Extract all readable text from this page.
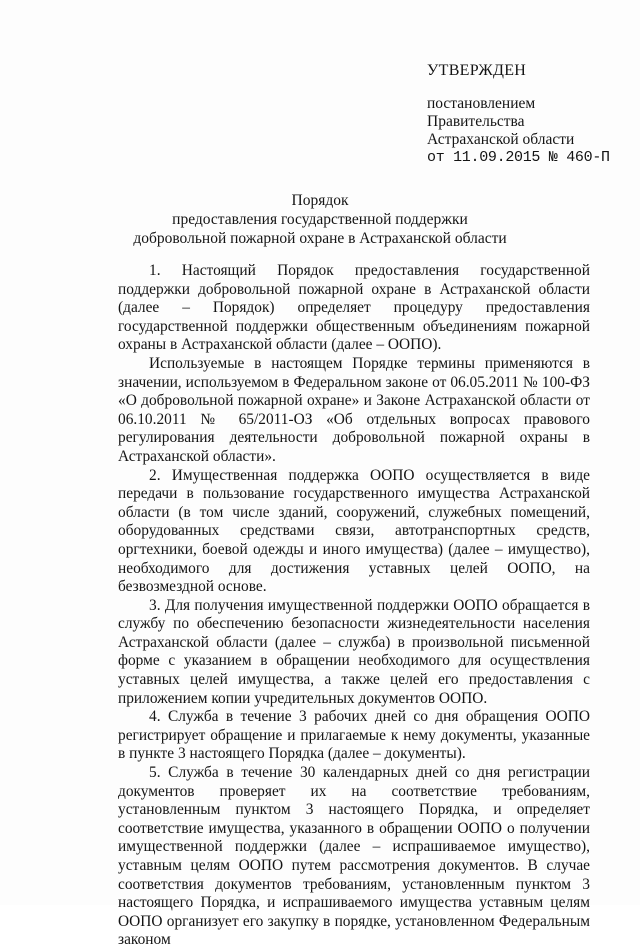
УТВЕРЖДЕН
постановлением
Правительства
Астраханской области
от 11.09.2015 № 460-П
Порядок
предоставления государственной поддержки
добровольной пожарной охране в Астраханской области

1. Настоящий Порядок предоставления государственной поддержки добровольной пожарной охране в Астраханской области (далее – Порядок) определяет процедуру предоставления государственной поддержки общественным объединениям пожарной охраны в Астраханской области (далее – ООПО).

Используемые в настоящем Порядке термины применяются в значении, используемом в Федеральном законе от 06.05.2011 № 100-ФЗ «О добровольной пожарной охране» и Законе Астраханской области от 06.10.2011 № 65/2011-ОЗ «Об отдельных вопросах правового регулирования деятельности добровольной пожарной охраны в Астраханской области».

2. Имущественная поддержка ООПО осуществляется в виде передачи в пользование государственного имущества Астраханской области (в том числе зданий, сооружений, служебных помещений, оборудованных средствами связи, автотранспортных средств, оргтехники, боевой одежды и иного имущества) (далее – имущество), необходимого для достижения уставных целей ООПО, на безвозмездной основе.

3. Для получения имущественной поддержки ООПО обращается в службу по обеспечению безопасности жизнедеятельности населения Астраханской области (далее – служба) в произвольной письменной форме с указанием в обращении необходимого для осуществления уставных целей имущества, а также целей его предоставления с приложением копии учредительных документов ООПО.

4. Служба в течение 3 рабочих дней со дня обращения ООПО регистрирует обращение и прилагаемые к нему документы, указанные в пункте 3 настоящего Порядка (далее – документы).

5. Служба в течение 30 календарных дней со дня регистрации документов проверяет их на соответствие требованиям, установленным пунктом 3 настоящего Порядка, и определяет соответствие имущества, указанного в обращении ООПО о получении имущественной поддержки (далее – испрашиваемое имущество), уставным целям ООПО путем рассмотрения документов. В случае соответствия документов требованиям, установленным пунктом 3 настоящего Порядка, и испрашиваемого имущества уставным целям ООПО организует его закупку в порядке, установленном Федеральным законом
